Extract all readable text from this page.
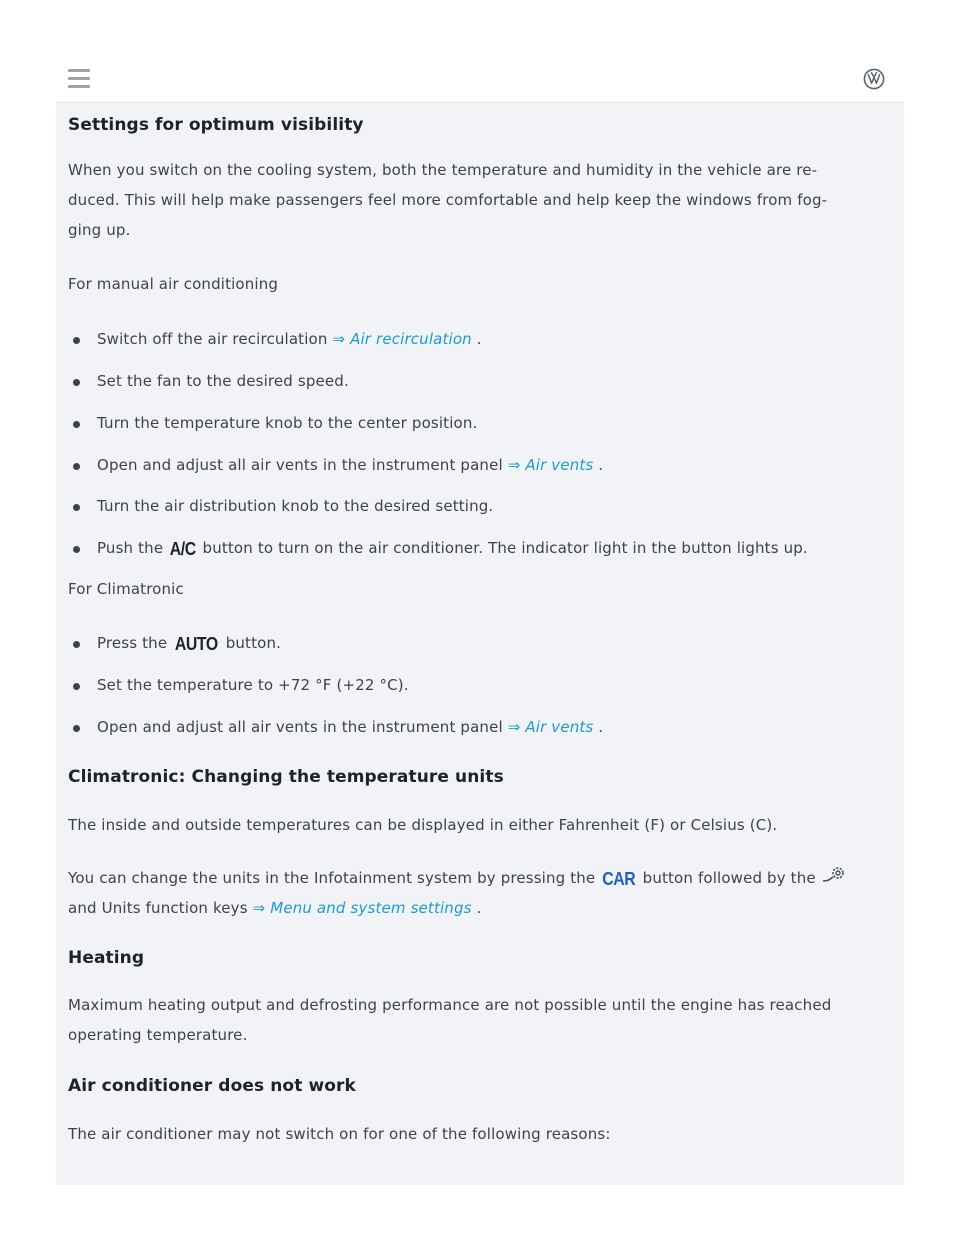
Settings for optimum visibility

When you switch on the cooling system, both the temperature and humidity in the vehicle are re-

duced. This will help make passengers feel more comfortable and help keep the windows from fog-

ging up.

For manual air conditioning

Switch off the air recirculation ⇒ Air recirculation .
Set the fan to the desired speed.
Turn the temperature knob to the center position.
Open and adjust all air vents in the instrument panel ⇒ Air vents .
Turn the air distribution knob to the desired setting.
Push the A/C button to turn on the air conditioner. The indicator light in the button lights up.

For Climatronic

Press the AUTO button.
Set the temperature to +72 °F (+22 °C).
Open and adjust all air vents in the instrument panel ⇒ Air vents .
Climatronic: Changing the temperature units

The inside and outside temperatures can be displayed in either Fahrenheit (F) or Celsius (C).

You can change the units in the Infotainment system by pressing the CAR button followed by the

and Units function keys ⇒ Menu and system settings .

Heating

Maximum heating output and defrosting performance are not possible until the engine has reached

operating temperature.

Air conditioner does not work

The air conditioner may not switch on for one of the following reasons:
